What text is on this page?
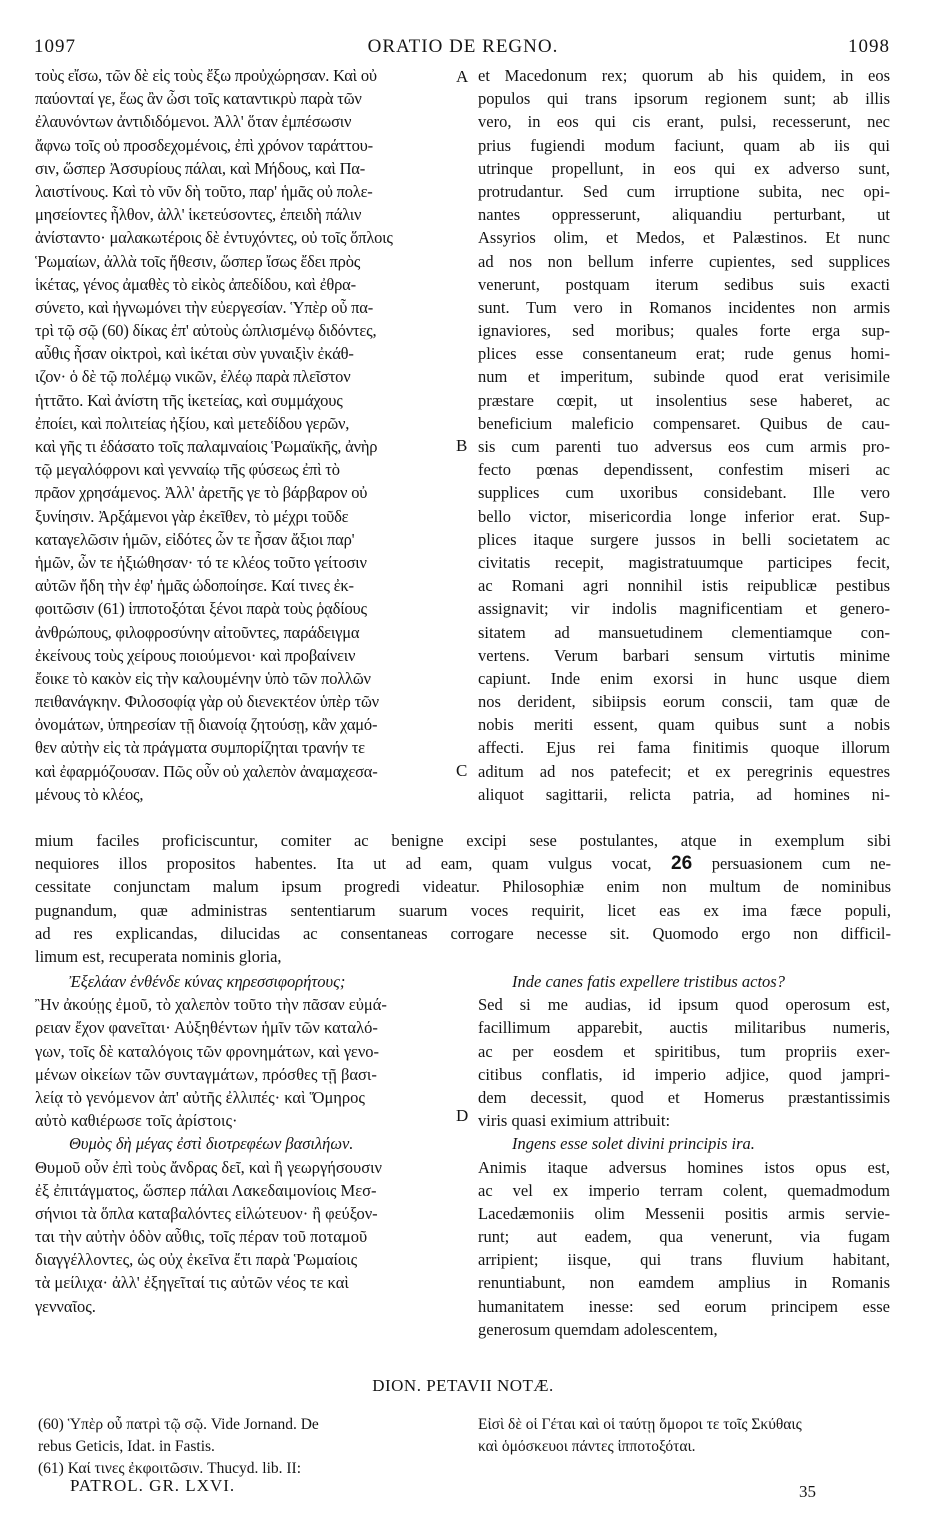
1097	ORATIO DE REGNO.	1098
τοὺς εἴσω, τῶν δὲ εἰς τοὺς ἔξω προὐχώρησαν. Καὶ οὐ
παύονταί γε, ἕως ἂν ὦσι τοῖς καταντικρὺ παρὰ τῶν
ἐλαυνόντων ἀντιδιδόμενοι. Ἀλλ' ὅταν ἐμπέσωσιν
ἄφνω τοῖς οὐ προσδεχομένοις, ἐπὶ χρόνον ταράττου-
σιν, ὥσπερ Ἀσσυρίους πάλαι, καὶ Μήδους, καὶ Πα-
λαιστίνους. Καὶ τὸ νῦν δὴ τοῦτο, παρ' ἡμᾶς οὐ πολε-
μησείοντες ἦλθον, ἀλλ' ἱκετεύσοντες, ἐπειδὴ πάλιν
ἀνίσταντο· μαλακωτέροις δὲ ἐντυχόντες, οὐ τοῖς ὅπλοις
Ῥωμαίων, ἀλλὰ τοῖς ἤθεσιν, ὥσπερ ἴσως ἔδει πρὸς
ἱκέτας, γένος ἀμαθὲς τὸ εἰκὸς ἀπεδίδου, καὶ ἐθρα-
σύνετο, καὶ ἠγνωμόνει τὴν εὐεργεσίαν. Ὑπὲρ οὗ πα-
τρὶ τῷ σῷ (60) δίκας ἐπ' αὐτοὺς ὡπλισμένῳ διδόντες,
αὖθις ἦσαν οἰκτροὶ, καὶ ἱκέται σὺν γυναιξὶν ἐκάθ-
ιζον· ὁ δὲ τῷ πολέμῳ νικῶν, ἐλέῳ παρὰ πλεῖστον
ἡττᾶτο. Καὶ ἀνίστη τῆς ἱκετείας, καὶ συμμάχους
ἐποίει, καὶ πολιτείας ἠξίου, καὶ μετεδίδου γερῶν,
καὶ γῆς τι ἐδάσατο τοῖς παλαμναίοις Ῥωμαϊκῆς, ἀνὴρ
τῷ μεγαλόφρονι καὶ γενναίῳ τῆς φύσεως ἐπὶ τὸ
πρᾶον χρησάμενος. Ἀλλ' ἀρετῆς γε τὸ βάρβαρον οὐ
ξυνίησιν. Ἀρξάμενοι γὰρ ἐκεῖθεν, τὸ μέχρι τοῦδε
καταγελῶσιν ἡμῶν, εἰδότες ὧν τε ἦσαν ἄξιοι παρ'
ἡμῶν, ὧν τε ἠξιώθησαν· τό τε κλέος τοῦτο γείτοσιν
αὐτῶν ἤδη τὴν ἐφ' ἡμᾶς ὡδοποίησε. Καί τινες ἐκ-
φοιτῶσιν (61) ἱπποτοξόται ξένοι παρὰ τοὺς ῥᾳδίους
ἀνθρώπους, φιλοφροσύνην αἰτοῦντες, παράδειγμα
ἐκείνους τοὺς χείρους ποιούμενοι· καὶ προβαίνειν
ἔοικε τὸ κακὸν εἰς τὴν καλουμένην ὑπὸ τῶν πολλῶν
πειθανάγκην. Φιλοσοφίᾳ γὰρ οὐ διενεκτέον ὑπὲρ τῶν
ὀνομάτων, ὑπηρεσίαν τῇ διανοίᾳ ζητούσῃ, κἂν χαμό-
θεν αὐτὴν εἰς τὰ πράγματα συμπορίζηται τρανήν τε
καὶ ἐφαρμόζουσαν. Πῶς οὖν οὐ χαλεπὸν ἀναμαχεσα-
μένους τὸ κλέος,
et Macedonum rex; quorum ab his quidem, in eos
populos qui trans ipsorum regionem sunt; ab illis
vero, in eos qui cis erant, pulsi, recesserunt, nec
prius fugiendi modum faciunt, quam ab iis qui
utrinque propellunt, in eos qui ex adverso sunt,
protrudantur. Sed cum irruptione subita, nec opi-
nantes oppresserunt, aliquandiu perturbant, ut
Assyrios olim, et Medos, et Palæstinos. Et nunc
ad nos non bellum inferre cupientes, sed supplices
venerunt, postquam iterum sedibus suis exacti
sunt. Tum vero in Romanos incidentes non armis
ignaviores, sed moribus; quales forte erga sup-
plices esse consentaneum erat; rude genus homi-
num et imperitum, subinde quod erat verisimile
præstare cœpit, ut insolentius sese haberet, ac
beneficium maleficio compensaret. Quibus de cau-
sis cum parenti tuo adversus eos cum armis pro-
fecto pœnas dependissent, confestim miseri ac
supplices cum uxoribus considebant. Ille vero
bello victor, misericordia longe inferior erat. Sup-
plices itaque surgere jussos in belli societatem ac
civitatis recepit, magistratuumque participes fecit,
ac Romani agri nonnihil istis reipublicæ pestibus
assignavit; vir indolis magnificentiam et genero-
sitatem ad mansuetudinem clementiamque con-
vertens. Verum barbari sensum virtutis minime
capiunt. Inde enim exorsi in hunc usque diem
nos derident, sibiipsis eorum conscii, tam quæ de
nobis meriti essent, quam quibus sunt a nobis
affecti. Ejus rei fama finitimis quoque illorum
aditum ad nos patefecit; et ex peregrinis equestres
aliquot sagittarii, relicta patria, ad homines ni-
A
B
C
D
mium faciles proficiscuntur, comiter ac benigne excipi sese postulantes, atque in exemplum sibi
nequiores illos propositos habentes. Ita ut ad eam, quam vulgus vocat, 26 persuasionem cum ne-
cessitate conjunctam malum ipsum progredi videatur. Philosophiæ enim non multum de nominibus
pugnandum, quæ administras sententiarum suarum voces requirit, licet eas ex ima fæce populi,
ad res explicandas, dilucidas ac consentaneas corrogare necesse sit. Quomodo ergo non difficil-
limum est, recuperata nominis gloria,
Ἐξελάαν ἐνθένδε κύνας κηρεσσιφορήτους;
Ἢν ἀκούῃς ἐμοῦ, τὸ χαλεπὸν τοῦτο τὴν πᾶσαν εὐμά-
ρειαν ἔχον φανεῖται· Αὐξηθέντων ἡμῖν τῶν καταλό-
γων, τοῖς δὲ καταλόγοις τῶν φρονημάτων, καὶ γενο-
μένων οἰκείων τῶν συνταγμάτων, πρόσθες τῇ βασι-
λείᾳ τὸ γενόμενον ἀπ' αὐτῆς ἐλλιπές· καὶ Ὅμηρος
αὐτὸ καθιέρωσε τοῖς ἀρίστοις·
Θυμὸς δὴ μέγας ἐστὶ διοτρεφέων βασιλήων.
Θυμοῦ οὖν ἐπὶ τοὺς ἄνδρας δεῖ, καὶ ἢ γεωργήσουσιν
ἐξ ἐπιτάγματος, ὥσπερ πάλαι Λακεδαιμονίοις Μεσ-
σήνιοι τὰ ὅπλα καταβαλόντες εἱλώτευον· ἢ φεύξον-
ται τὴν αὐτὴν ὁδὸν αὖθις, τοῖς πέραν τοῦ ποταμοῦ
διαγγέλλοντες, ὡς οὐχ ἐκεῖνα ἔτι παρὰ Ῥωμαίοις
τὰ μείλιχα· ἀλλ' ἐξηγεῖταί τις αὐτῶν νέος τε καὶ
γενναῖος.
Inde canes fatis expellere tristibus actos?
Sed si me audias, id ipsum quod operosum est,
facillimum apparebit, auctis militaribus numeris,
ac per eosdem et spiritibus, tum propriis exer-
citibus conflatis, id imperio adjice, quod jampri-
dem decessit, quod et Homerus præstantissimis
viris quasi eximium attribuit:
Ingens esse solet divini principis ira.
Animis itaque adversus homines istos opus est,
ac vel ex imperio terram colent, quemadmodum
Lacedæmoniis olim Messenii positis armis servie-
runt; aut eadem, qua venerunt, via fugam
arripient; iisque, qui trans fluvium habitant,
renuntiabunt, non eamdem amplius in Romanis
humanitatem inesse: sed eorum principem esse
generosum quemdam adolescentem,
DION. PETAVII NOTÆ.
(60) Ὑπὲρ οὗ πατρὶ τῷ σῷ. Vide Jornand. De
rebus Geticis, Idat. in Fastis.
(61) Καί τινες ἐκφοιτῶσιν. Thucyd. lib. II:
Εἰσὶ δὲ οἱ Γέται καὶ οἱ ταύτῃ ὅμοροι τε τοῖς Σκύθαις
καὶ ὁμόσκευοι πάντες ἱπποτοξόται.
PATROL. GR. LXVI.	35
